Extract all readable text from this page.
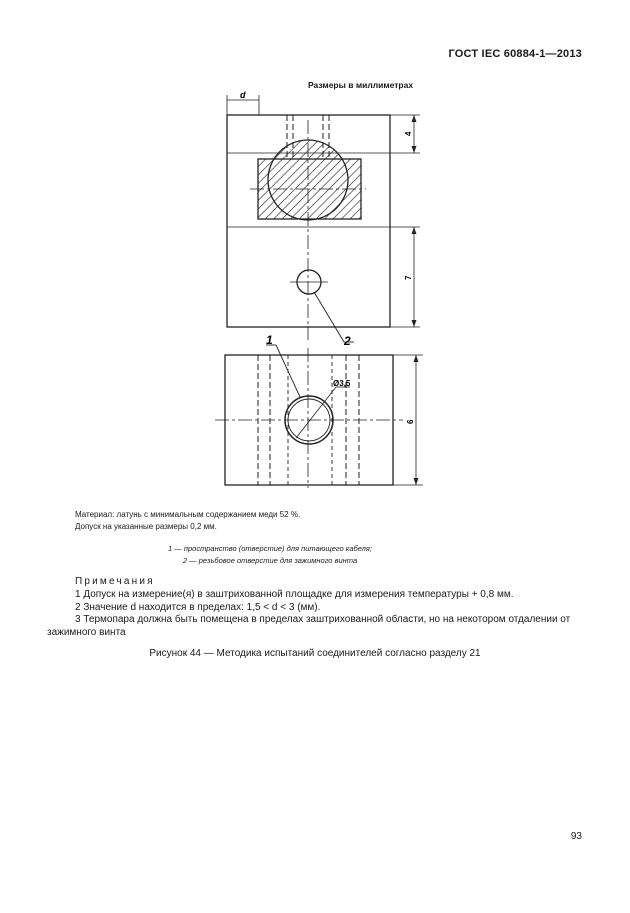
ГОСТ IEC 60884-1—2013
Размеры в миллиметрах
d
4
7
2
Ø3,5
1
6
Материал: латунь с минимальным содержанием меди 52 %.
Допуск на указанные размеры 0,2 мм.
1 — пространство (отверстие) для питающего кабеля;
2 — резьбовое отверстие для зажимного винта
Примечания

1 Допуск на измерение(я) в заштрихованной площадке для измерения температуры + 0,8 мм.

2 Значение d находится в пределах: 1,5 < d < 3 (мм).

3 Термопара должна быть помещена в пределах заштрихованной области, но на некотором отдалении от зажимного винта

Рисунок 44 — Методика испытаний соединителей согласно разделу 21
93
